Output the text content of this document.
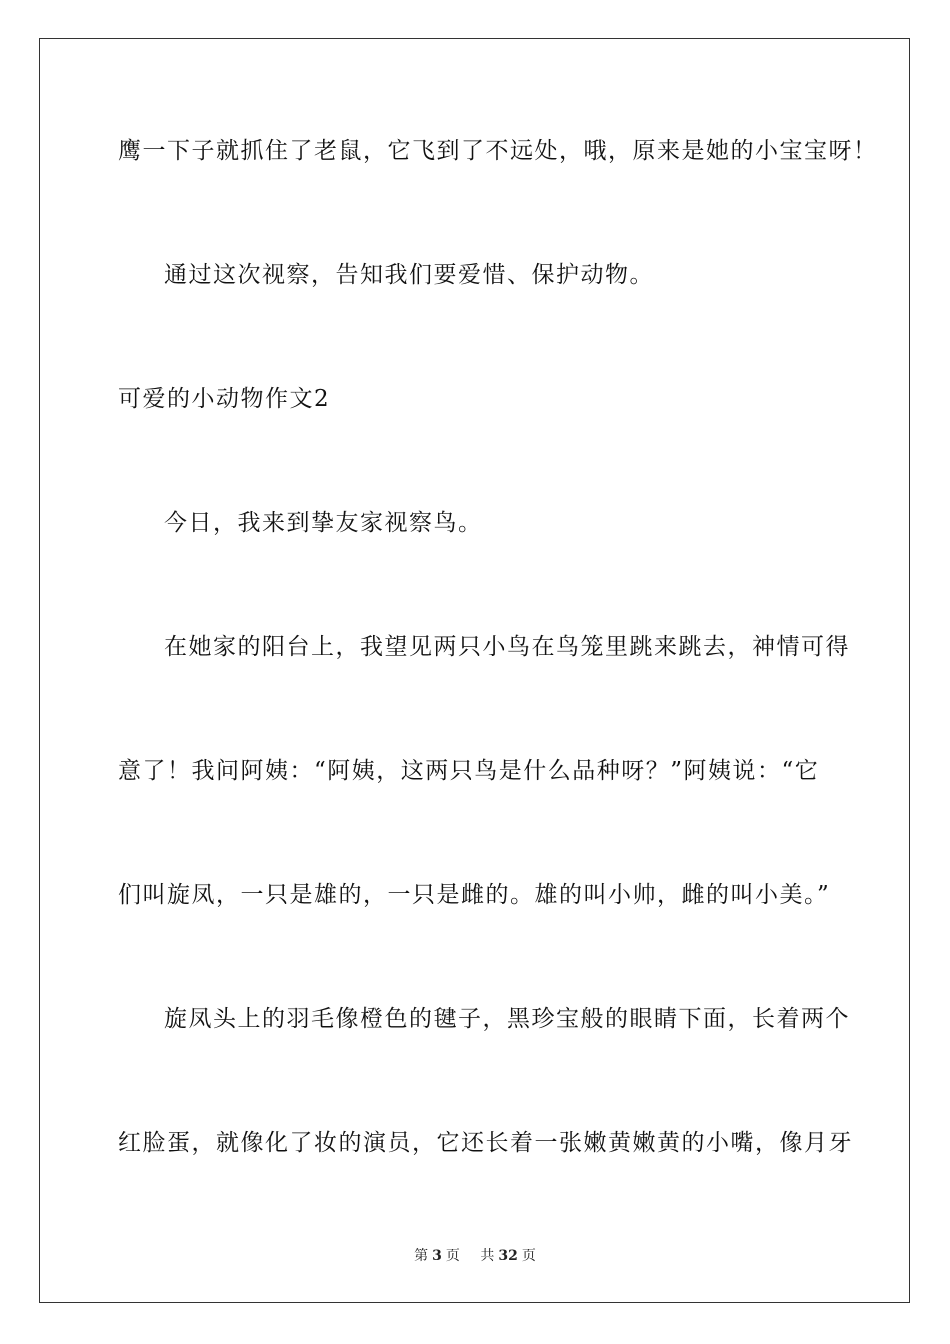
鹰一下子就抓住了老鼠，它飞到了不远处，哦，原来是她的小宝宝呀！
通过这次视察，告知我们要爱惜、保护动物。
可爱的小动物作文2
今日，我来到挚友家视察鸟。
在她家的阳台上，我望见两只小鸟在鸟笼里跳来跳去，神情可得
意了！我问阿姨：“阿姨，这两只鸟是什么品种呀？”阿姨说：“它
们叫旋凤，一只是雄的，一只是雌的。雄的叫小帅，雌的叫小美。”
旋凤头上的羽毛像橙色的毽子，黑珍宝般的眼睛下面，长着两个
红脸蛋，就像化了妆的演员，它还长着一张嫩黄嫩黄的小嘴，像月牙
第 3 页 共 32 页
